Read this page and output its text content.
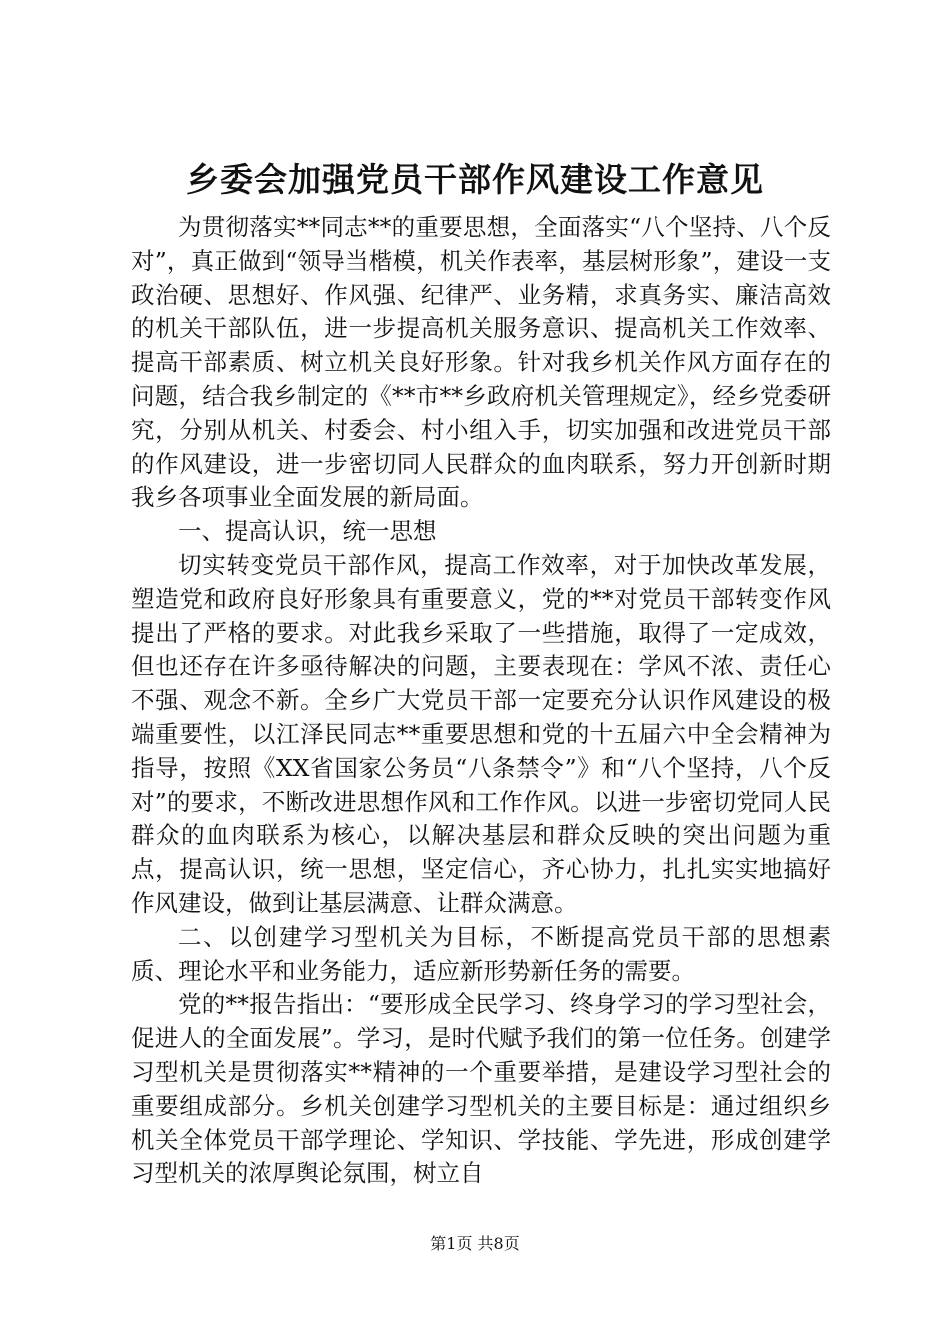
乡委会加强党员干部作风建设工作意见

为贯彻落实**同志**的重要思想，全面落实“八个坚持、八个反对”，真正做到“领导当楷模，机关作表率，基层树形象”，建设一支政治硬、思想好、作风强、纪律严、业务精，求真务实、廉洁高效的机关干部队伍，进一步提高机关服务意识、提高机关工作效率、提高干部素质、树立机关良好形象。针对我乡机关作风方面存在的问题，结合我乡制定的《**市**乡政府机关管理规定》，经乡党委研究，分别从机关、村委会、村小组入手，切实加强和改进党员干部的作风建设，进一步密切同人民群众的血肉联系，努力开创新时期我乡各项事业全面发展的新局面。

一、提高认识，统一思想

切实转变党员干部作风，提高工作效率，对于加快改革发展，塑造党和政府良好形象具有重要意义，党的**对党员干部转变作风提出了严格的要求。对此我乡采取了一些措施，取得了一定成效，但也还存在许多亟待解决的问题，主要表现在：学风不浓、责任心不强、观念不新。全乡广大党员干部一定要充分认识作风建设的极端重要性，以江泽民同志**重要思想和党的十五届六中全会精神为指导，按照《XX省国家公务员“八条禁令”》和“八个坚持，八个反对”的要求，不断改进思想作风和工作作风。以进一步密切党同人民群众的血肉联系为核心，以解决基层和群众反映的突出问题为重点，提高认识，统一思想，坚定信心，齐心协力，扎扎实实地搞好作风建设，做到让基层满意、让群众满意。

二、以创建学习型机关为目标，不断提高党员干部的思想素质、理论水平和业务能力，适应新形势新任务的需要。

党的**报告指出：“要形成全民学习、终身学习的学习型社会，促进人的全面发展”。学习，是时代赋予我们的第一位任务。创建学习型机关是贯彻落实**精神的一个重要举措，是建设学习型社会的重要组成部分。乡机关创建学习型机关的主要目标是：通过组织乡机关全体党员干部学理论、学知识、学技能、学先进，形成创建学习型机关的浓厚舆论氛围，树立自

第1页 共8页
